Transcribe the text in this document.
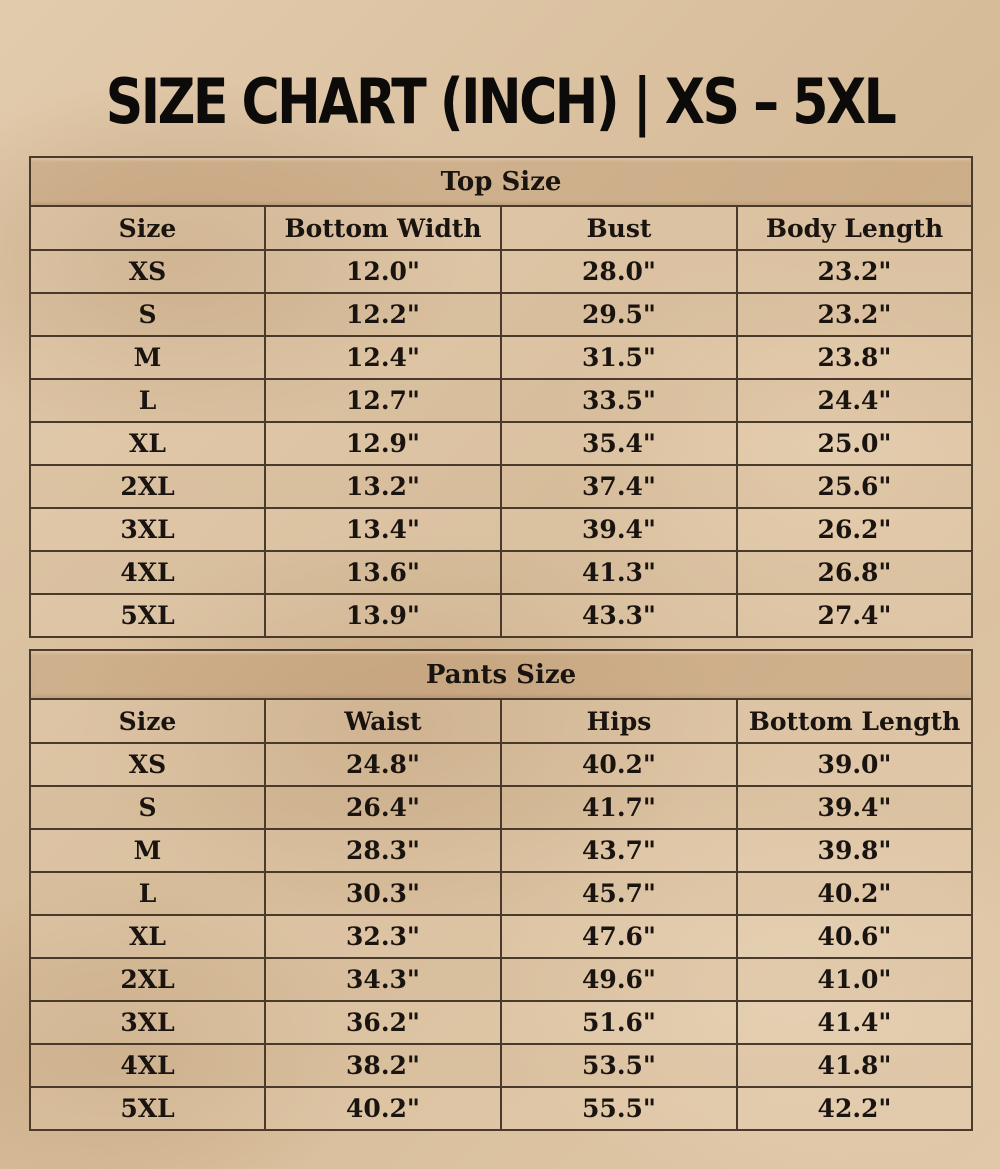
SIZE CHART (INCH) | XS – 5XL
Top Size			
Size	Bottom Width	Bust	Body Length
XS	12.0"	28.0"	23.2"
S	12.2"	29.5"	23.2"
M	12.4"	31.5"	23.8"
L	12.7"	33.5"	24.4"
XL	12.9"	35.4"	25.0"
2XL	13.2"	37.4"	25.6"
3XL	13.4"	39.4"	26.2"
4XL	13.6"	41.3"	26.8"
5XL	13.9"	43.3"	27.4"
Pants Size			
Size	Waist	Hips	Bottom Length
XS	24.8"	40.2"	39.0"
S	26.4"	41.7"	39.4"
M	28.3"	43.7"	39.8"
L	30.3"	45.7"	40.2"
XL	32.3"	47.6"	40.6"
2XL	34.3"	49.6"	41.0"
3XL	36.2"	51.6"	41.4"
4XL	38.2"	53.5"	41.8"
5XL	40.2"	55.5"	42.2"
